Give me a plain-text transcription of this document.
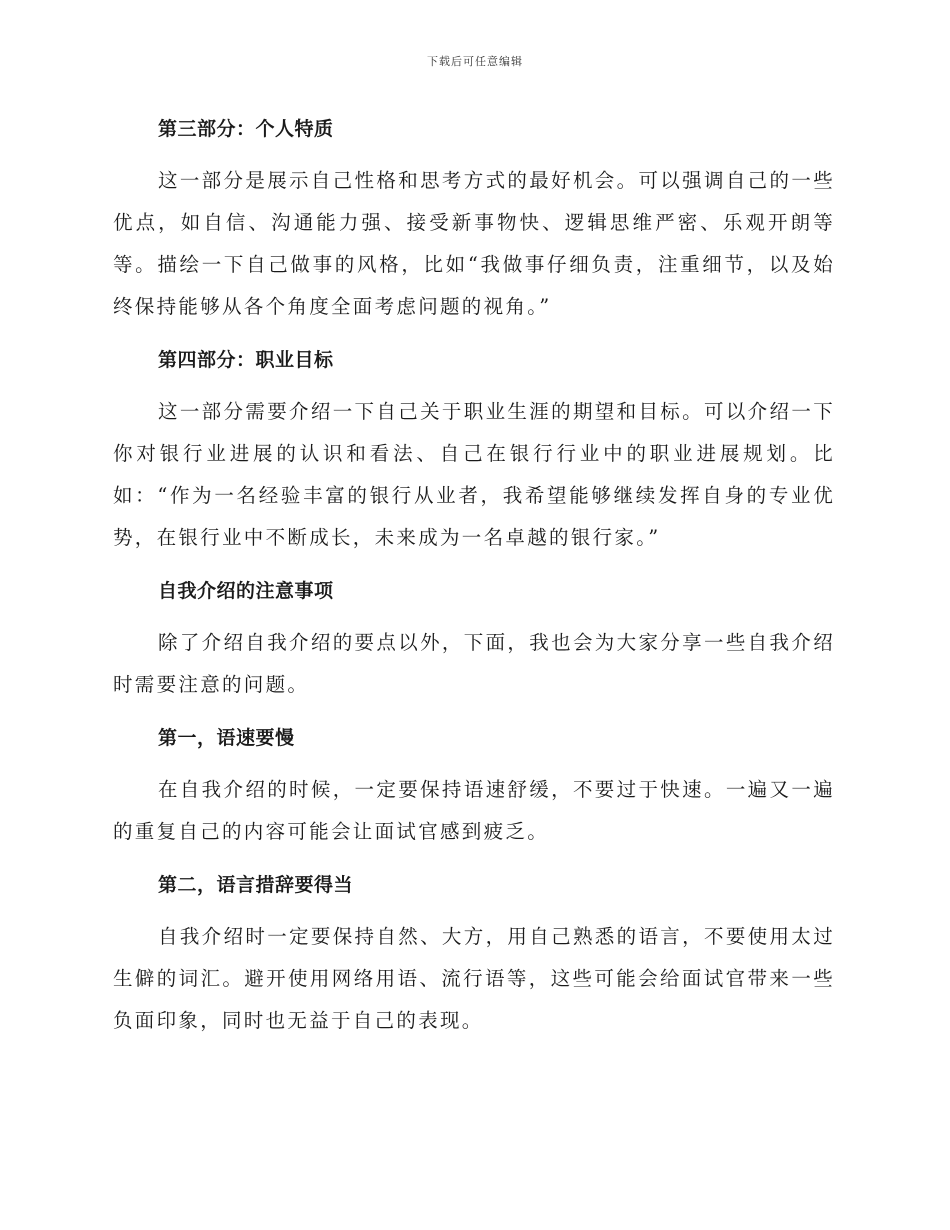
下载后可任意编辑
第三部分：个人特质

这一部分是展示自己性格和思考方式的最好机会。可以强调自己的一些优点，如自信、沟通能力强、接受新事物快、逻辑思维严密、乐观开朗等等。描绘一下自己做事的风格，比如“我做事仔细负责，注重细节，以及始终保持能够从各个角度全面考虑问题的视角。”

第四部分：职业目标

这一部分需要介绍一下自己关于职业生涯的期望和目标。可以介绍一下你对银行业进展的认识和看法、自己在银行行业中的职业进展规划。比如：“作为一名经验丰富的银行从业者，我希望能够继续发挥自身的专业优势，在银行业中不断成长，未来成为一名卓越的银行家。”

自我介绍的注意事项

除了介绍自我介绍的要点以外，下面，我也会为大家分享一些自我介绍时需要注意的问题。

第一，语速要慢

在自我介绍的时候，一定要保持语速舒缓，不要过于快速。一遍又一遍的重复自己的内容可能会让面试官感到疲乏。

第二，语言措辞要得当

自我介绍时一定要保持自然、大方，用自己熟悉的语言，不要使用太过生僻的词汇。避开使用网络用语、流行语等，这些可能会给面试官带来一些负面印象，同时也无益于自己的表现。
